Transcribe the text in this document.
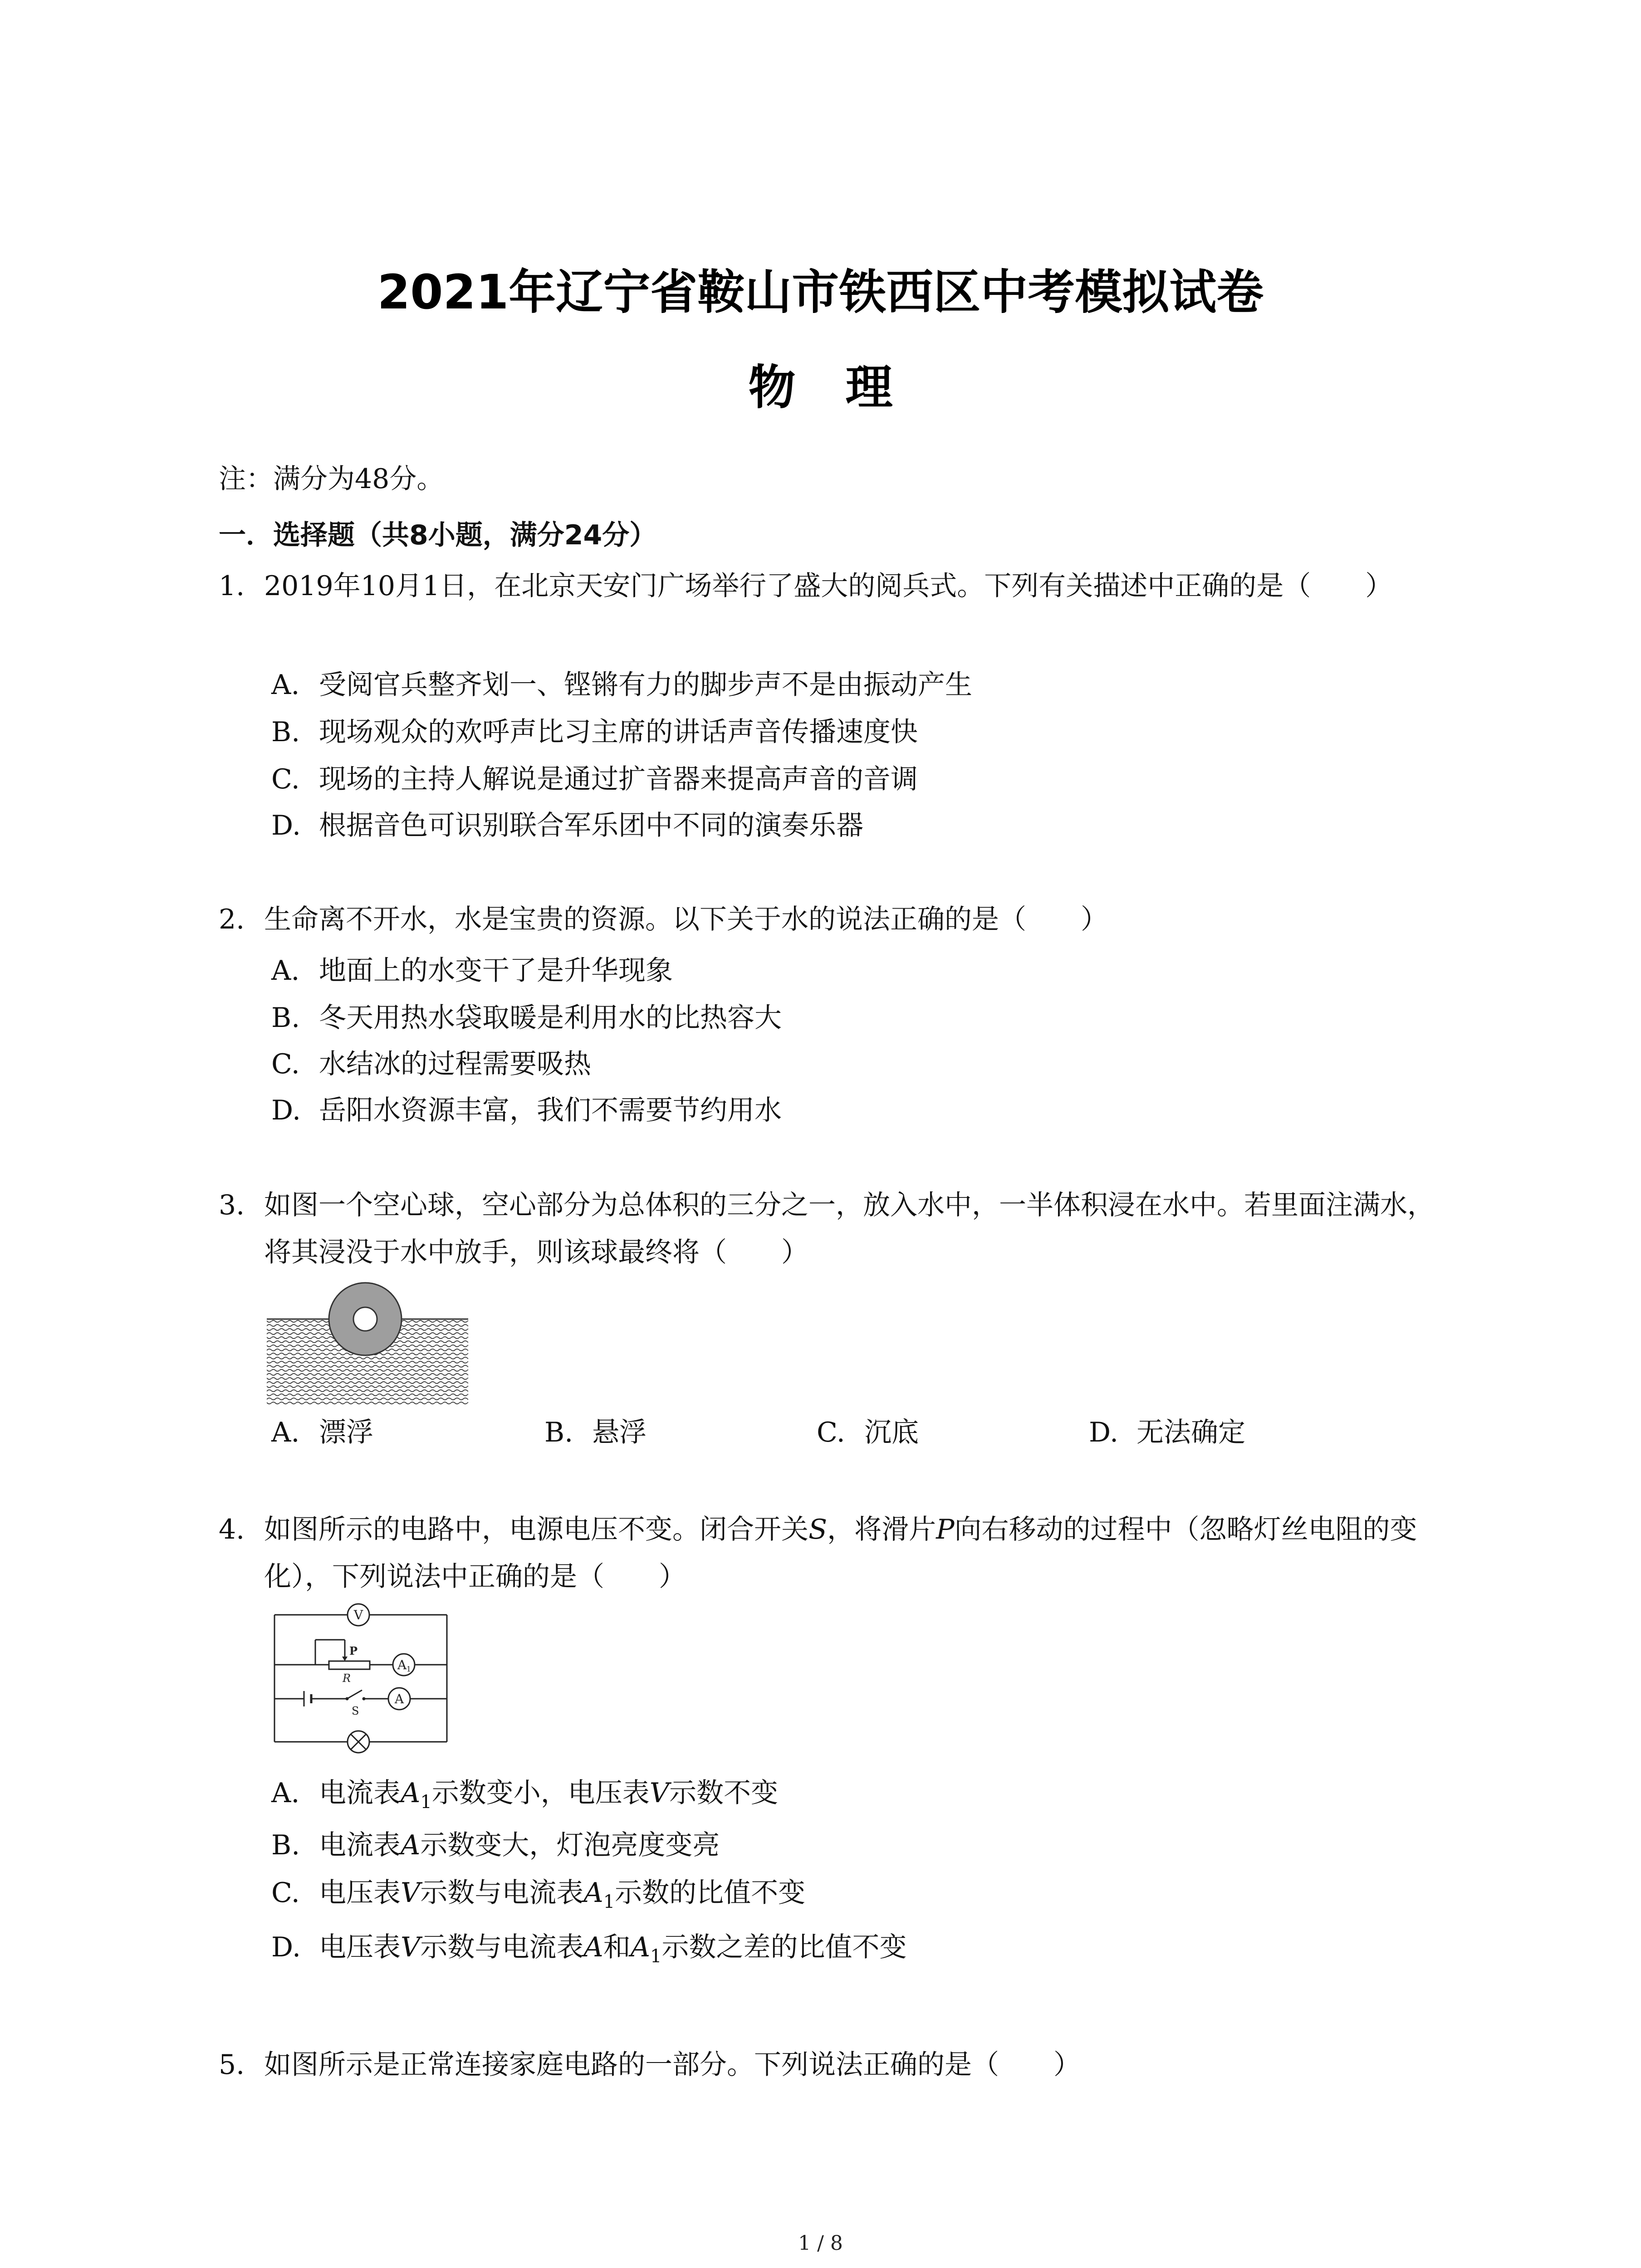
2021年辽宁省鞍山市铁西区中考模拟试卷
物理
注：满分为48分。
一．选择题（共8小题，满分24分）
1. 2019年10月1日，在北京天安门广场举行了盛大的阅兵式。下列有关描述中正确的是（　　）
A. 受阅官兵整齐划一、铿锵有力的脚步声不是由振动产生
B. 现场观众的欢呼声比习主席的讲话声音传播速度快
C. 现场的主持人解说是通过扩音器来提高声音的音调
D. 根据音色可识别联合军乐团中不同的演奏乐器
2. 生命离不开水，水是宝贵的资源。以下关于水的说法正确的是（　　）
A. 地面上的水变干了是升华现象
B. 冬天用热水袋取暖是利用水的比热容大
C. 水结冰的过程需要吸热
D. 岳阳水资源丰富，我们不需要节约用水
3. 如图一个空心球，空心部分为总体积的三分之一，放入水中，一半体积浸在水中。若里面注满水，将其浸没于水中放手，则该球最终将（　　）
A. 漂浮	B. 悬浮	C. 沉底	D. 无法确定
4. 如图所示的电路中，电源电压不变。闭合开关S，将滑片P向右移动的过程中（忽略灯丝电阻的变化），下列说法中正确的是（　　）
V
A 1
A
P
R
S
A. 电流表$A_1$示数变小，电压表V示数不变
B. 电流表A示数变大，灯泡亮度变亮
C. 电压表V示数与电流表$A_1$示数的比值不变
D. 电压表V示数与电流表A和$A_1$示数之差的比值不变
5. 如图所示是正常连接家庭电路的一部分。下列说法正确的是（　　）
1 / 8
